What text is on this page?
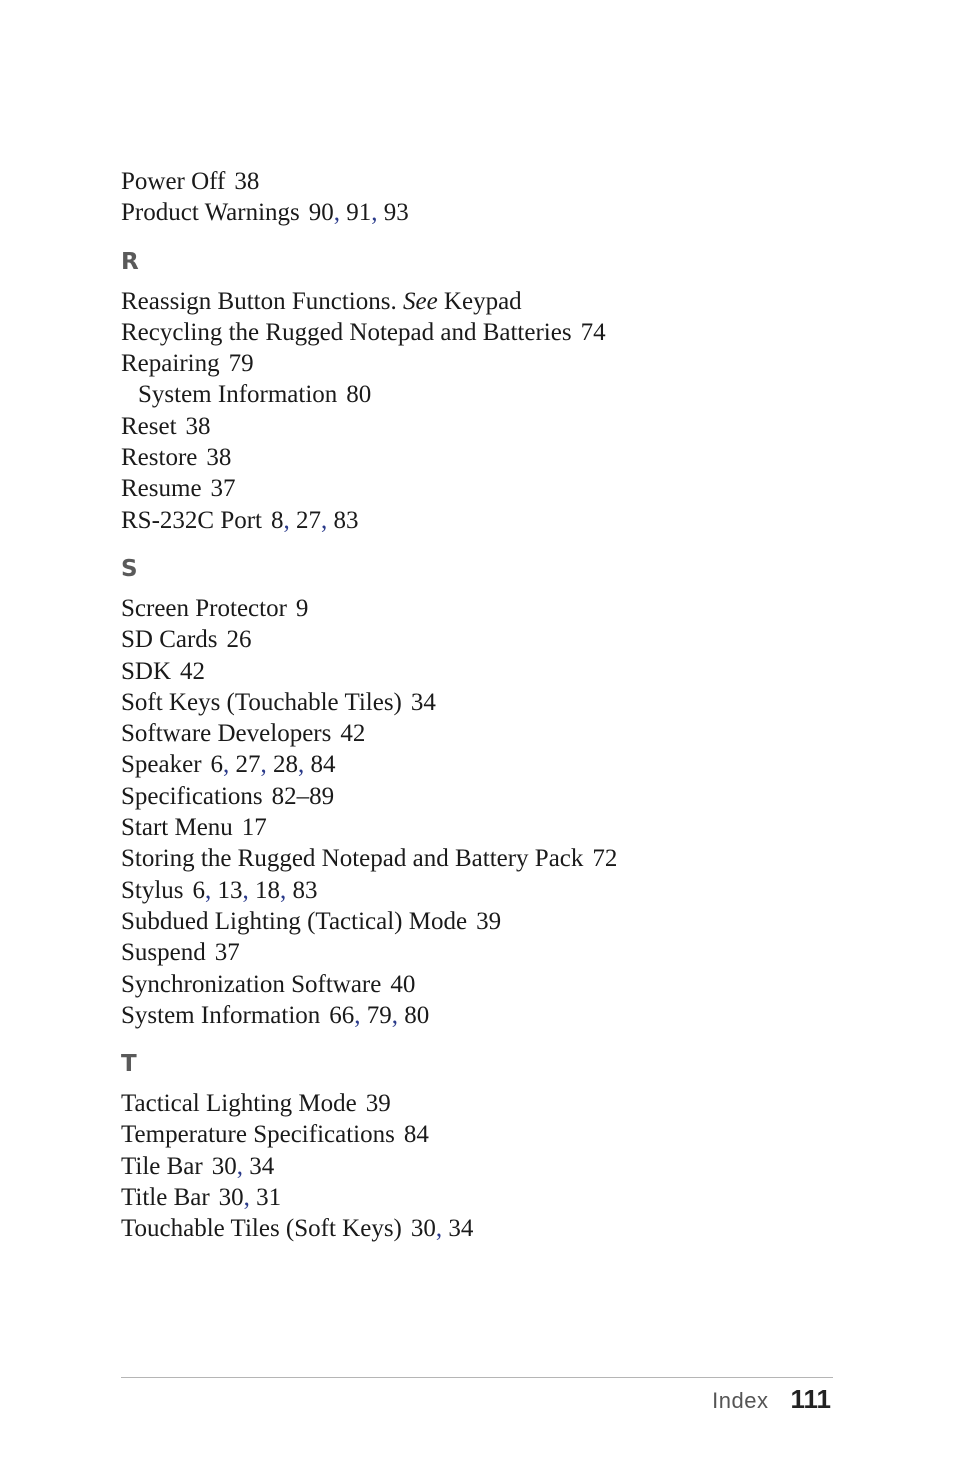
Power Off 38
Product Warnings 90, 91, 93
R
Reassign Button Functions. See Keypad
Recycling the Rugged Notepad and Batteries 74
Repairing 79
System Information 80
Reset 38
Restore 38
Resume 37
RS-232C Port 8, 27, 83
S
Screen Protector 9
SD Cards 26
SDK 42
Soft Keys (Touchable Tiles) 34
Software Developers 42
Speaker 6, 27, 28, 84
Specifications 82–89
Start Menu 17
Storing the Rugged Notepad and Battery Pack 72
Stylus 6, 13, 18, 83
Subdued Lighting (Tactical) Mode 39
Suspend 37
Synchronization Software 40
System Information 66, 79, 80
T
Tactical Lighting Mode 39
Temperature Specifications 84
Tile Bar 30, 34
Title Bar 30, 31
Touchable Tiles (Soft Keys) 30, 34
Index 111
